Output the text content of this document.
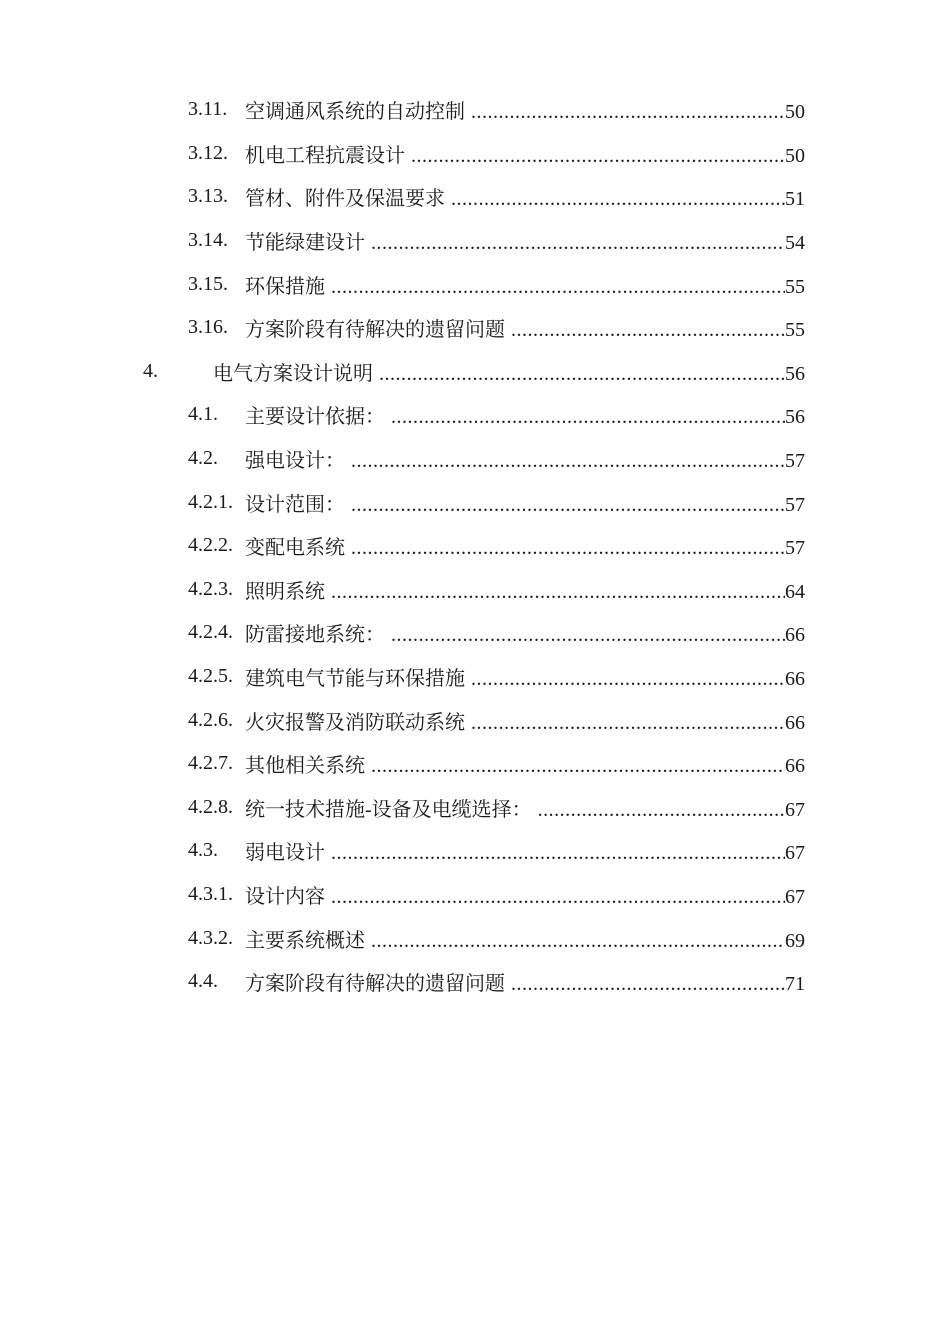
3.11. 空调通风系统的自动控制 .....	50
3.12. 机电工程抗震设计 .....	50
3.13. 管材、附件及保温要求 .....	51
3.14. 节能绿建设计 .....	54
3.15. 环保措施 .....	55
3.16. 方案阶段有待解决的遗留问题 .....	55
4.	电气方案设计说明 .....	56
4.1. 主要设计依据： .....	56
4.2. 强电设计： .....	57
4.2.1. 设计范围： .....	57
4.2.2. 变配电系统 .....	57
4.2.3. 照明系统 .....	64
4.2.4. 防雷接地系统： .....	66
4.2.5. 建筑电气节能与环保措施 .....	66
4.2.6. 火灾报警及消防联动系统 .....	66
4.2.7. 其他相关系统 .....	66
4.2.8. 统一技术措施-设备及电缆选择： .....	67
4.3. 弱电设计 .....	67
4.3.1. 设计内容 .....	67
4.3.2. 主要系统概述 .....	69
4.4. 方案阶段有待解决的遗留问题 .....	71
